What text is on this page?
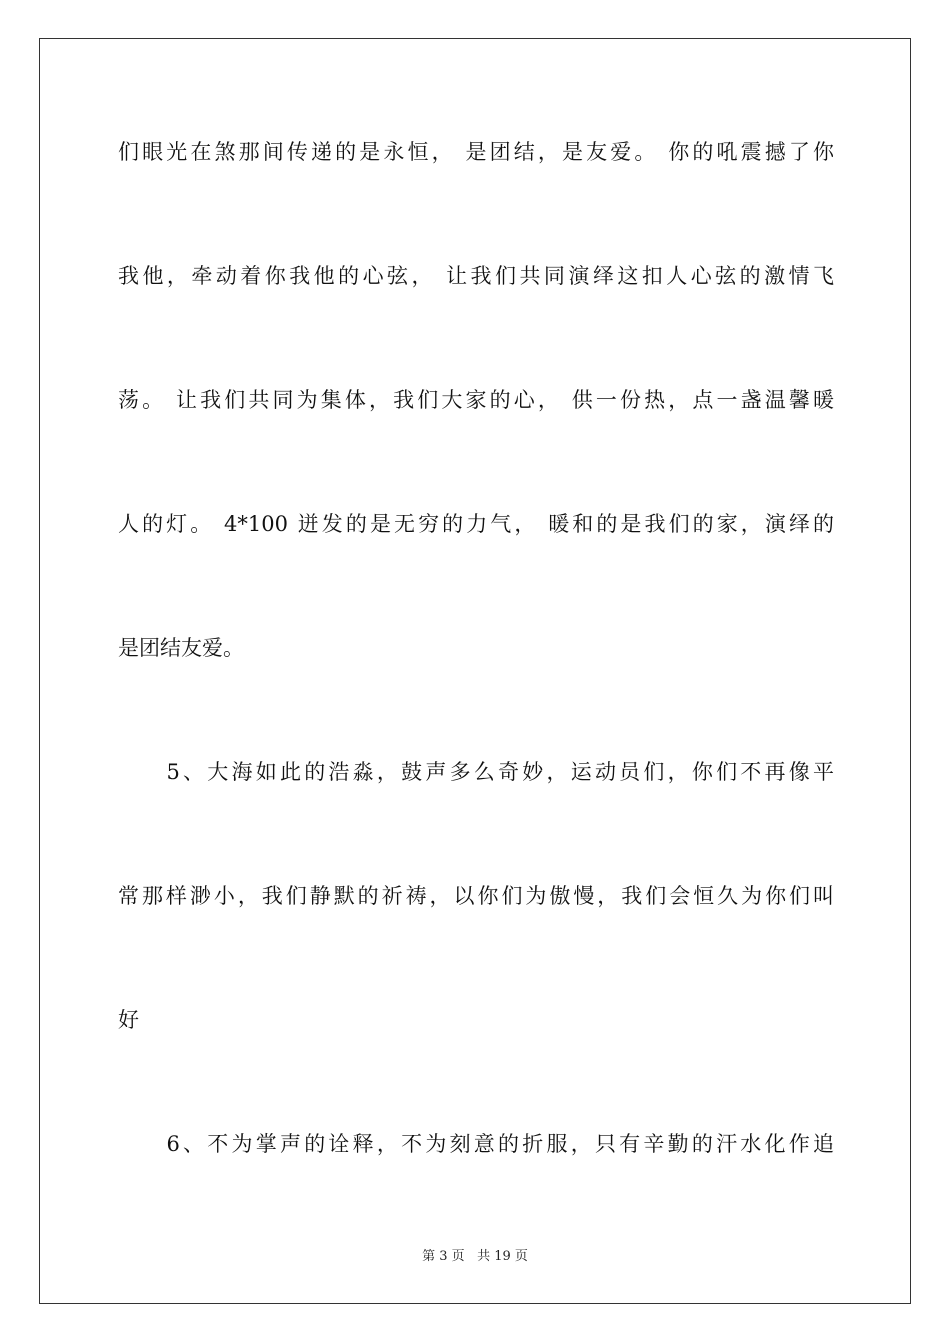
们眼光在煞那间传递的是永恒， 是团结，是友爱。 你的吼震撼了你
我他，牵动着你我他的心弦， 让我们共同演绎这扣人心弦的激情飞
荡。 让我们共同为集体，我们大家的心， 供一份热，点一盏温馨暖
人的灯。 4*100 迸发的是无穷的力气， 暖和的是我们的家，演绎的
是团结友爱。
　　5、大海如此的浩淼，鼓声多么奇妙，运动员们，你们不再像平
常那样渺小，我们静默的祈祷，以你们为傲慢，我们会恒久为你们叫
好
　　6、不为掌声的诠释，不为刻意的折服，只有辛勤的汗水化作追
第 3 页 共 19 页
